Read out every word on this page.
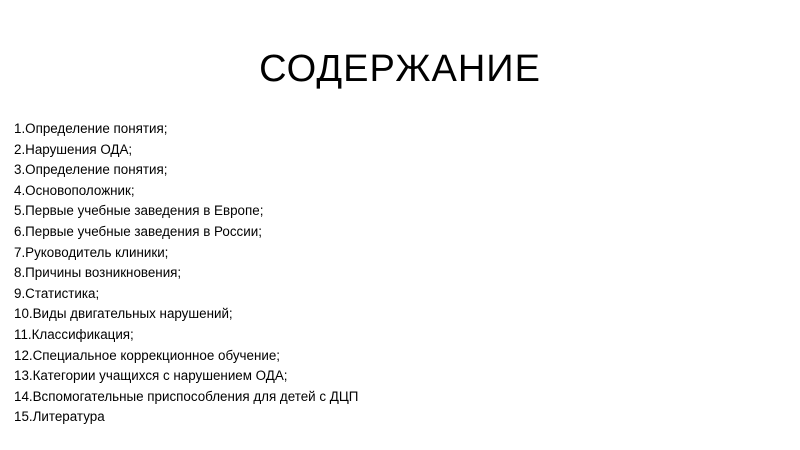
СОДЕРЖАНИЕ
1.Определение понятия;
2.Нарушения ОДА;
3.Определение понятия;
4.Основоположник;
5.Первые учебные заведения в Европе;
6.Первые учебные заведения в России;
7.Руководитель клиники;
8.Причины возникновения;
9.Статистика;
10.Виды двигательных нарушений;
11.Классификация;
12.Специальное коррекционное обучение;
13.Категории учащихся с нарушением ОДА;
14.Вспомогательные приспособления для детей с ДЦП
15.Литература
